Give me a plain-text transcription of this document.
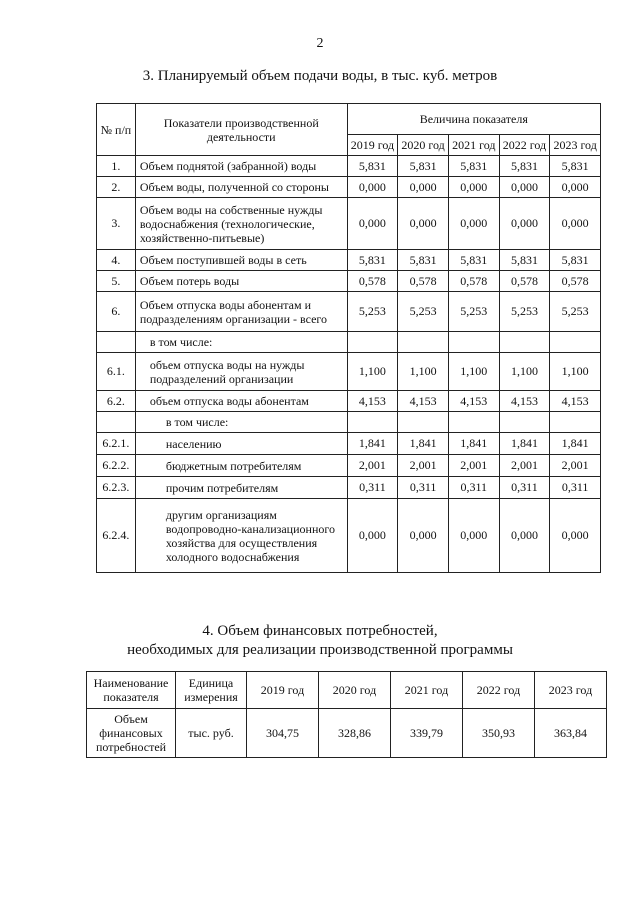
2
3. Планируемый объем подачи воды, в тыс. куб. метров
№ п/п	Показатели производственной деятельности	Величина показателя				
		2019 год	2020 год	2021 год	2022 год	2023 год
1.	Объем поднятой (забранной) воды	5,831	5,831	5,831	5,831	5,831
2.	Объем воды, полученной со стороны	0,000	0,000	0,000	0,000	0,000
3.	Объем воды на собственные нужды водоснабжения (технологические, хозяйственно-питьевые)	0,000	0,000	0,000	0,000	0,000
4.	Объем поступившей воды в сеть	5,831	5,831	5,831	5,831	5,831
5.	Объем потерь воды	0,578	0,578	0,578	0,578	0,578
6.	Объем отпуска воды абонентам и подразделениям организации - всего	5,253	5,253	5,253	5,253	5,253
	в том числе:					
6.1.	объем отпуска воды на нужды подразделений организации	1,100	1,100	1,100	1,100	1,100
6.2.	объем отпуска воды абонентам	4,153	4,153	4,153	4,153	4,153
	в том числе:					
6.2.1.	населению	1,841	1,841	1,841	1,841	1,841
6.2.2.	бюджетным потребителям	2,001	2,001	2,001	2,001	2,001
6.2.3.	прочим потребителям	0,311	0,311	0,311	0,311	0,311
6.2.4.	другим организациям водопроводно-канализационного хозяйства для осуществления холодного водоснабжения	0,000	0,000	0,000	0,000	0,000
4. Объем финансовых потребностей,
необходимых для реализации производственной программы
Наименование показателя	Единица измерения	2019 год	2020 год	2021 год	2022 год	2023 год
Объем финансовых потребностей	тыс. руб.	304,75	328,86	339,79	350,93	363,84
